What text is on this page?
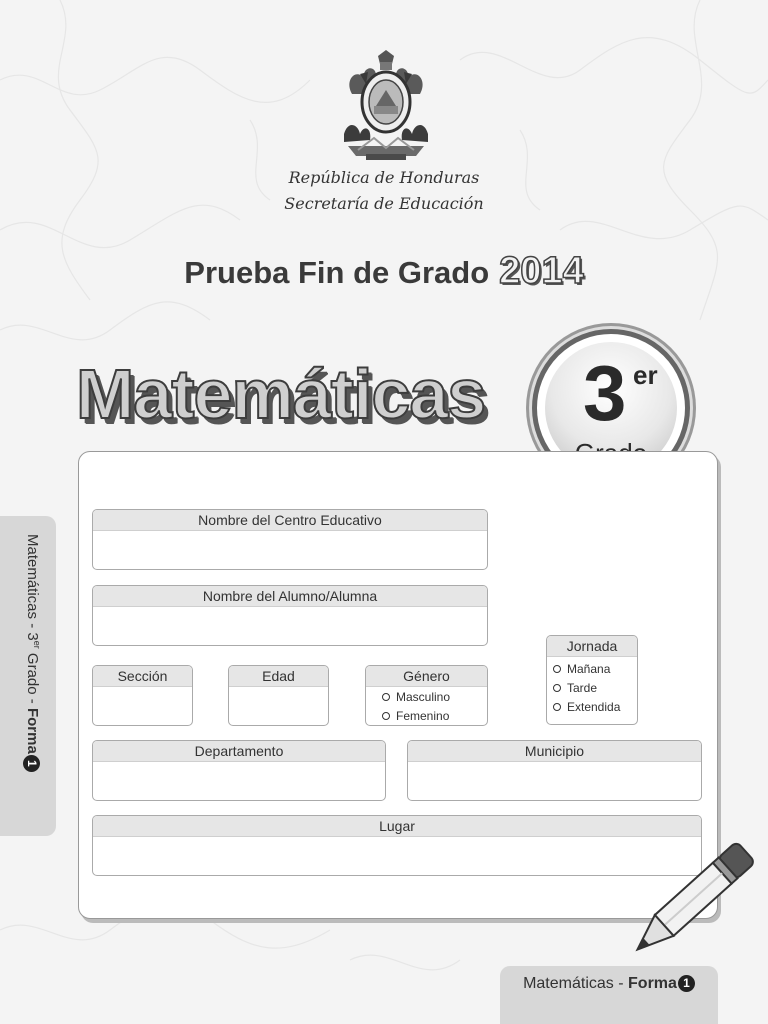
República de Honduras
Secretaría de Educación
Prueba Fin de Grado 2014
Matemáticas 3 er
Nombre del Centro Educativo
Nombre del Alumno/Alumna
Jornada
Mañana
Tarde
Extendida
Sección	Edad	Género
Masculino
Femenino
Departamento	Municipio
Lugar
Matemáticas - 3er Grado - Forma1
Matemáticas - Forma 1
